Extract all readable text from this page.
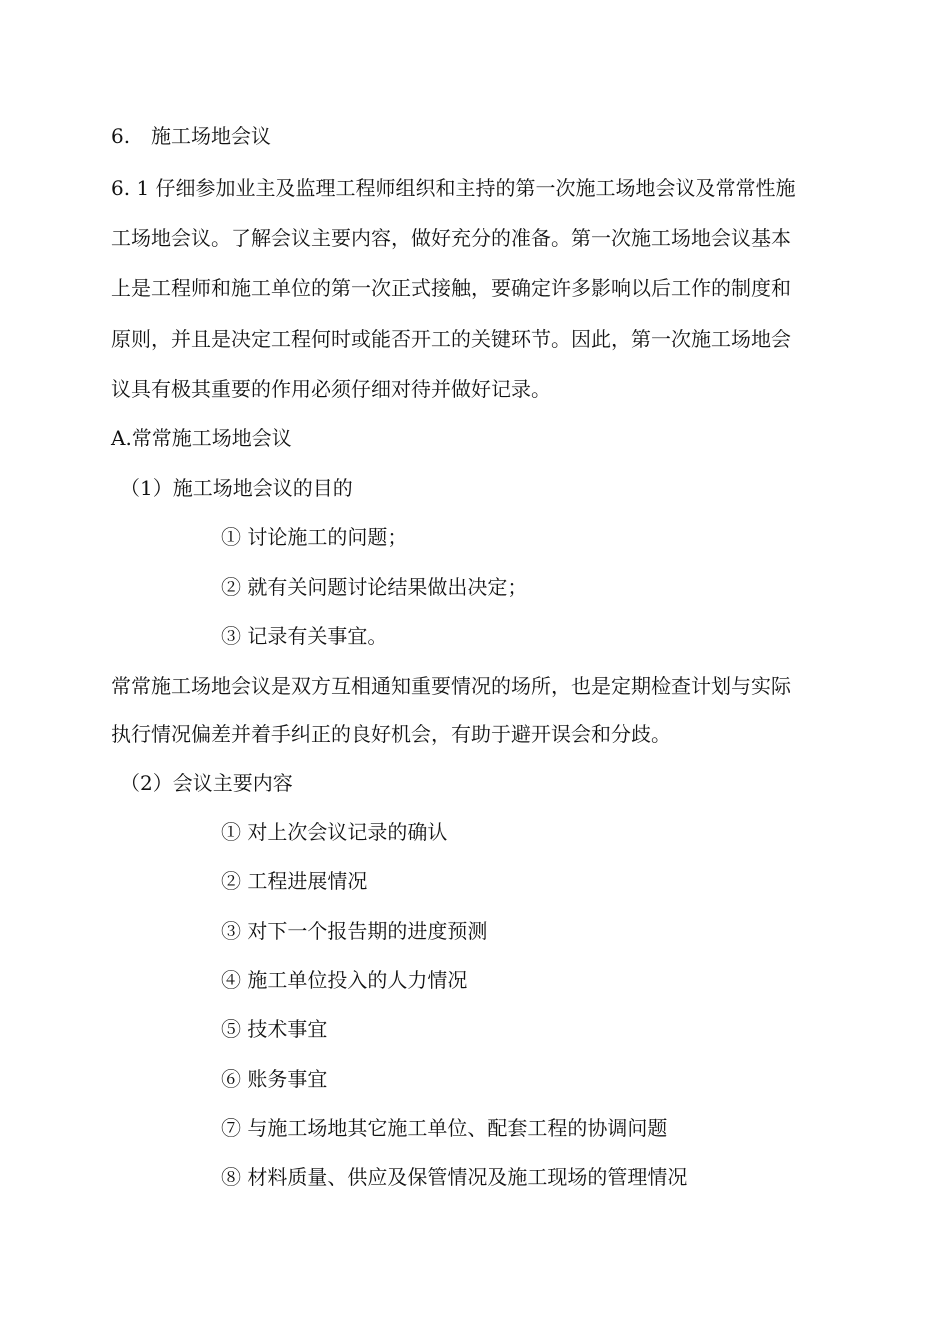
6. 施工场地会议
6. 1 仔细参加业主及监理工程师组织和主持的第一次施工场地会议及常常性施
工场地会议。了解会议主要内容，做好充分的准备。第一次施工场地会议基本
上是工程师和施工单位的第一次正式接触，要确定许多影响以后工作的制度和
原则，并且是决定工程何时或能否开工的关键环节。因此，第一次施工场地会
议具有极其重要的作用必须仔细对待并做好记录。
A.常常施工场地会议
（1）施工场地会议的目的
① 讨论施工的问题；
② 就有关问题讨论结果做出决定；
③ 记录有关事宜。
常常施工场地会议是双方互相通知重要情况的场所，也是定期检查计划与实际
执行情况偏差并着手纠正的良好机会，有助于避开误会和分歧。
（2）会议主要内容
① 对上次会议记录的确认
② 工程进展情况
③ 对下一个报告期的进度预测
④ 施工单位投入的人力情况
⑤ 技术事宜
⑥ 账务事宜
⑦ 与施工场地其它施工单位、配套工程的协调问题
⑧ 材料质量、供应及保管情况及施工现场的管理情况
